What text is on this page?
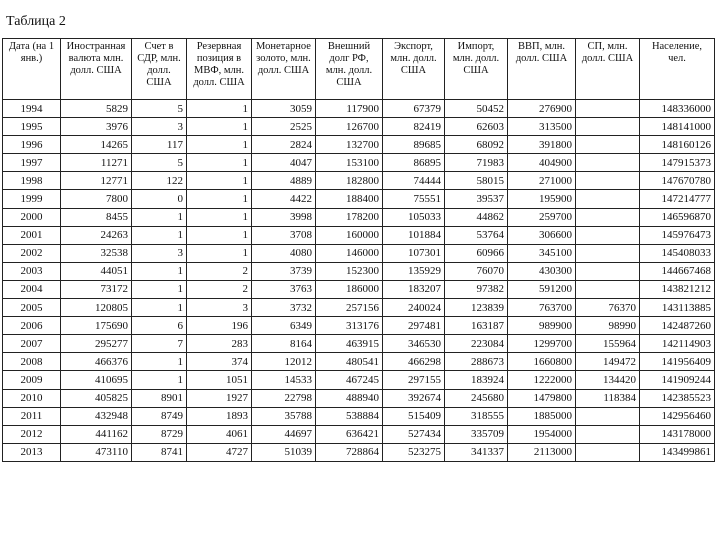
Таблица 2
Дата (на 1 янв.)	Иностранная валюта млн. долл. США	Счет в СДР, млн. долл. США	Резервная позиция в МВФ, млн. долл. США	Монетарное золото, млн. долл. США	Внешний долг РФ, млн. долл. США	Экспорт, млн. долл. США	Импорт, млн. долл. США	ВВП, млн. долл. США	СП, млн. долл. США	Население, чел.
1994	5829	5	1	3059	117900	67379	50452	276900		148336000
1995	3976	3	1	2525	126700	82419	62603	313500		148141000
1996	14265	117	1	2824	132700	89685	68092	391800		148160126
1997	11271	5	1	4047	153100	86895	71983	404900		147915373
1998	12771	122	1	4889	182800	74444	58015	271000		147670780
1999	7800	0	1	4422	188400	75551	39537	195900		147214777
2000	8455	1	1	3998	178200	105033	44862	259700		146596870
2001	24263	1	1	3708	160000	101884	53764	306600		145976473
2002	32538	3	1	4080	146000	107301	60966	345100		145408033
2003	44051	1	2	3739	152300	135929	76070	430300		144667468
2004	73172	1	2	3763	186000	183207	97382	591200		143821212
2005	120805	1	3	3732	257156	240024	123839	763700	76370	143113885
2006	175690	6	196	6349	313176	297481	163187	989900	98990	142487260
2007	295277	7	283	8164	463915	346530	223084	1299700	155964	142114903
2008	466376	1	374	12012	480541	466298	288673	1660800	149472	141956409
2009	410695	1	1051	14533	467245	297155	183924	1222000	134420	141909244
2010	405825	8901	1927	22798	488940	392674	245680	1479800	118384	142385523
2011	432948	8749	1893	35788	538884	515409	318555	1885000		142956460
2012	441162	8729	4061	44697	636421	527434	335709	1954000		143178000
2013	473110	8741	4727	51039	728864	523275	341337	2113000		143499861
